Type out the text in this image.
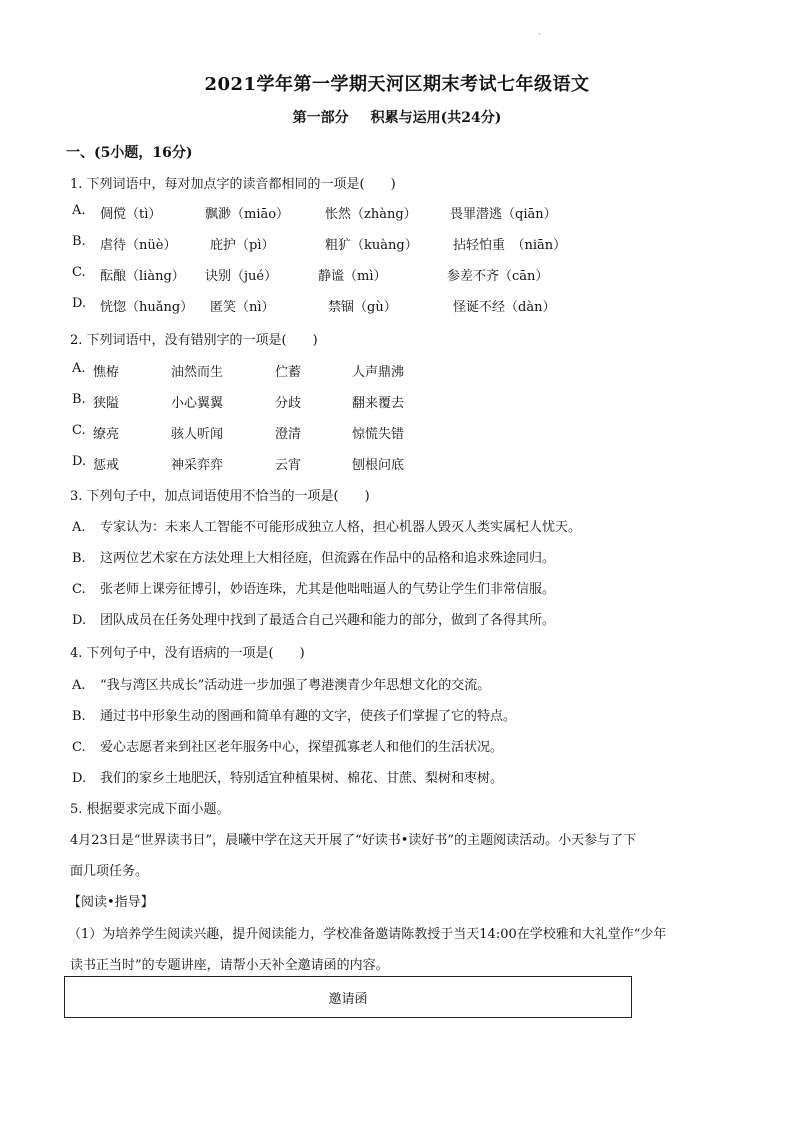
·
2021学年第一学期天河区期末考试七年级语文
第一部分 积累与运用(共24分)
一、(5小题，16分)
1. 下列词语中，每对加点字的读音都相同的一项是(　　)
A.	倜傥（tì）	飘渺（miāo）	怅然（zhàng）	畏罪潜逃（qiān）
B.	虐待（nüè）	庇护（pì）	粗犷（kuàng）	拈轻怕重　（niān）
C.	酝酿（liàng） 诀别（jué）	静谧（mì）	参差不齐（cān）
D.	恍惚（huǎng） 匿笑（nì）	禁锢（gù）	怪诞不经（dàn）
2. 下列词语中，没有错别字的一项是(　　)
A. 憔栫	油然而生	伫蓄	人声鼎沸
B. 狭隘	小心翼翼	分歧	翻来覆去
C. 缭亮	骇人听闻	澄清	惊慌失错
D. 惩戒	神采弈弈	云宵	刨根问底
3. 下列句子中，加点词语使用不恰当的一项是(　　)
A. 专家认为：未来人工智能不可能形成独立人格，担心机器人毁灭人类实属杞人忧天。
B. 这两位艺术家在方法处理上大相径庭，但流露在作品中的品格和追求殊途同归。
C. 张老师上课旁征博引，妙语连珠，尤其是他咄咄逼人的气势让学生们非常信服。
D. 团队成员在任务处理中找到了最适合自己兴趣和能力的部分，做到了各得其所。
4. 下列句子中，没有语病的一项是(　　)
A. “我与湾区共成长”活动进一步加强了粤港澳青少年思想文化的交流。
B. 通过书中形象生动的图画和简单有趣的文字，使孩子们掌握了它的特点。
C. 爱心志愿者来到社区老年服务中心，探望孤寡老人和他们的生活状况。
D. 我们的家乡土地肥沃，特别适宜种植果树、棉花、甘蔗、梨树和枣树。
5. 根据要求完成下面小题。
4月23日是“世界读书日”，晨曦中学在这天开展了“好读书•读好书”的主题阅读活动。小天参与了下
面几项任务。
【阅读•指导】
（1）为培养学生阅读兴趣，提升阅读能力，学校准备邀请陈教授于当天14:00在学校雅和大礼堂作“少年
读书正当时”的专题讲座，请帮小天补全邀请函的内容。
邀请函
